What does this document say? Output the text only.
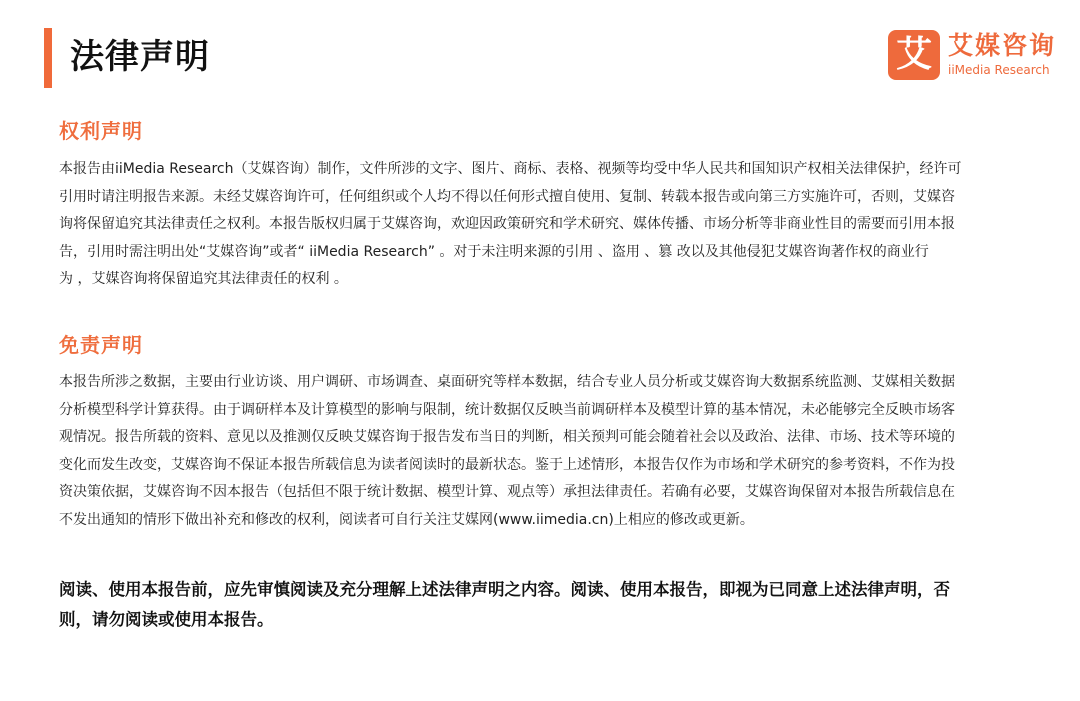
法律声明	艾 艾媒咨询
iiMedia Research
权利声明

本报告由iiMedia Research（艾媒咨询）制作，文件所涉的文字、图片、商标、表格、视频等均受中华人民共和国知识产权相关法律保护，经许可
引用时请注明报告来源。未经艾媒咨询许可，任何组织或个人均不得以任何形式擅自使用、复制、转载本报告或向第三方实施许可，否则，艾媒咨
询将保留追究其法律责任之权利。本报告版权归属于艾媒咨询，欢迎因政策研究和学术研究、媒体传播、市场分析等非商业性目的需要而引用本报
告，引用时需注明出处“艾媒咨询”或者“ iiMedia Research” 。对于未注明来源的引用 、盗用 、篡 改以及其他侵犯艾媒咨询著作权的商业行
为 ，艾媒咨询将保留追究其法律责任的权利 。

免责声明

本报告所涉之数据，主要由行业访谈、用户调研、市场调查、桌面研究等样本数据，结合专业人员分析或艾媒咨询大数据系统监测、艾媒相关数据
分析模型科学计算获得。由于调研样本及计算模型的影响与限制，统计数据仅反映当前调研样本及模型计算的基本情况，未必能够完全反映市场客
观情况。报告所载的资料、意见以及推测仅反映艾媒咨询于报告发布当日的判断，相关预判可能会随着社会以及政治、法律、市场、技术等环境的
变化而发生改变，艾媒咨询不保证本报告所载信息为读者阅读时的最新状态。鉴于上述情形，本报告仅作为市场和学术研究的参考资料，不作为投
资决策依据，艾媒咨询不因本报告（包括但不限于统计数据、模型计算、观点等）承担法律责任。若确有必要，艾媒咨询保留对本报告所载信息在
不发出通知的情形下做出补充和修改的权利，阅读者可自行关注艾媒网(www.iimedia.cn)上相应的修改或更新。

阅读、使用本报告前，应先审慎阅读及充分理解上述法律声明之内容。阅读、使用本报告，即视为已同意上述法律声明，否
则，请勿阅读或使用本报告。
